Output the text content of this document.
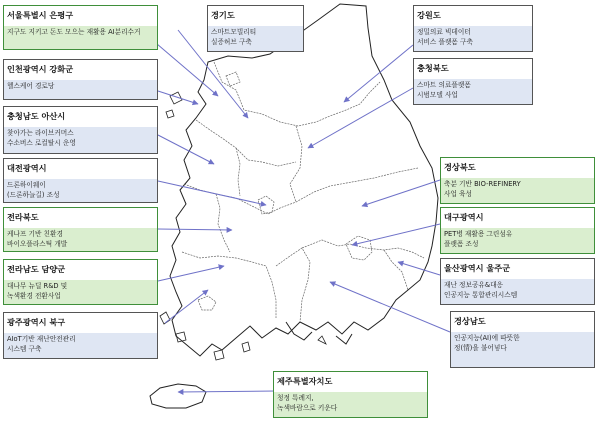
서울특별시 은평구
지구도 지키고 돈도 모으는 재활용 AI분리수거
경기도
스마트모빌리티
실증허브 구축
강원도
정밀의료 빅데이터
서비스 플랫폼 구축
인천광역시 강화군
헬스케어 경로당
충청북도
스마트 의료플랫폼
시범모델 사업
충청남도 아산시
찾아가는 라이브커머스
수소버스 로컬탈시 운영
대전광역시
드론하이웨이
(드론하늘길) 조성
경상북도
축분 기반 BIO-REFINERY
사업 육성
전라북도
케나프 기반 친환경
바이오플라스틱 개발
대구광역시
PET병 재활용 그린섬유
플랫폼 조성
전라남도 담양군
대나무 뉴딜 R&D 및
녹색환경 전환사업
울산광역시 울주군
재난 정보공유&대응
인공지능 통합관리시스템
광주광역시 북구
AIoT기반 재난안전관리
시스템 구축
경상남도
인공지능(AI)에 따뜻한
정(情)을 불어넣다
제주특별자치도
청정 특례지,
녹색바람으로 키운다
